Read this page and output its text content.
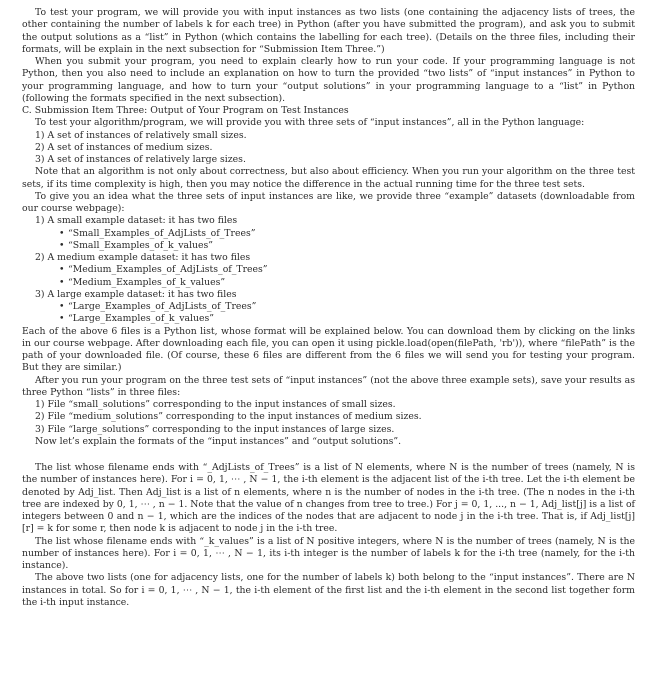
To test your program, we will provide you with input instances as two lists (one containing the adjacency lists of trees, the other containing the number of labels k for each tree) in Python (after you have submitted the program), and ask you to submit the output solutions as a “list” in Python (which contains the labelling for each tree). (Details on the three files, including their formats, will be explain in the next subsection for “Submission Item Three.”)

When you submit your program, you need to explain clearly how to run your code. If your programming language is not Python, then you also need to include an explanation on how to turn the provided “two lists” of “input instances” in Python to your programming language, and how to turn your “output solutions” in your programming language to a “list” in Python (following the formats specified in the next subsection).

C. Submission Item Three: Output of Your Program on Test Instances

To test your algorithm/program, we will provide you with three sets of “input instances”, all in the Python language:

1) A set of instances of relatively small sizes.

2) A set of instances of medium sizes.

3) A set of instances of relatively large sizes.

Note that an algorithm is not only about correctness, but also about efficiency. When you run your algorithm on the three test sets, if its time complexity is high, then you may notice the difference in the actual running time for the three test sets.

To give you an idea what the three sets of input instances are like, we provide three “example” datasets (downloadable from our course webpage):

1) A small example dataset: it has two files

• “Small_Examples_of_AdjLists_of_Trees”

• “Small_Examples_of_k_values”

2) A medium example dataset: it has two files

• “Medium_Examples_of_AdjLists_of_Trees”

• “Medium_Examples_of_k_values”

3) A large example dataset: it has two files

• “Large_Examples_of_AdjLists_of_Trees”

• “Large_Examples_of_k_values”

Each of the above 6 files is a Python list, whose format will be explained below. You can download them by clicking on the links in our course webpage. After downloading each file, you can open it using pickle.load(open(filePath, 'rb')), where “filePath” is the path of your downloaded file. (Of course, these 6 files are different from the 6 files we will send you for testing your program. But they are similar.)

After you run your program on the three test sets of “input instances” (not the above three example sets), save your results as three Python “lists” in three files:

1) File “small_solutions” corresponding to the input instances of small sizes.

2) File “medium_solutions” corresponding to the input instances of medium sizes.

3) File “large_solutions” corresponding to the input instances of large sizes.

Now let’s explain the formats of the “input instances” and “output solutions”.

The list whose filename ends with “_AdjLists_of_Trees” is a list of N elements, where N is the number of trees (namely, N is the number of instances here). For i = 0, 1, ⋯ , N − 1, the i-th element is the adjacent list of the i-th tree. Let the i-th element be denoted by Adj_list. Then Adj_list is a list of n elements, where n is the number of nodes in the i-th tree. (The n nodes in the i-th tree are indexed by 0, 1, ⋯ , n − 1. Note that the value of n changes from tree to tree.) For j = 0, 1, ..., n − 1, Adj_list[j] is a list of integers between 0 and n − 1, which are the indices of the nodes that are adjacent to node j in the i-th tree. That is, if Adj_list[j][r] = k for some r, then node k is adjacent to node j in the i-th tree.

The list whose filename ends with “_k_values” is a list of N positive integers, where N is the number of trees (namely, N is the number of instances here). For i = 0, 1, ⋯ , N − 1, its i-th integer is the number of labels k for the i-th tree (namely, for the i-th instance).

The above two lists (one for adjacency lists, one for the number of labels k) both belong to the “input instances”. There are N instances in total. So for i = 0, 1, ⋯ , N − 1, the i-th element of the first list and the i-th element in the second list together form the i-th input instance.
